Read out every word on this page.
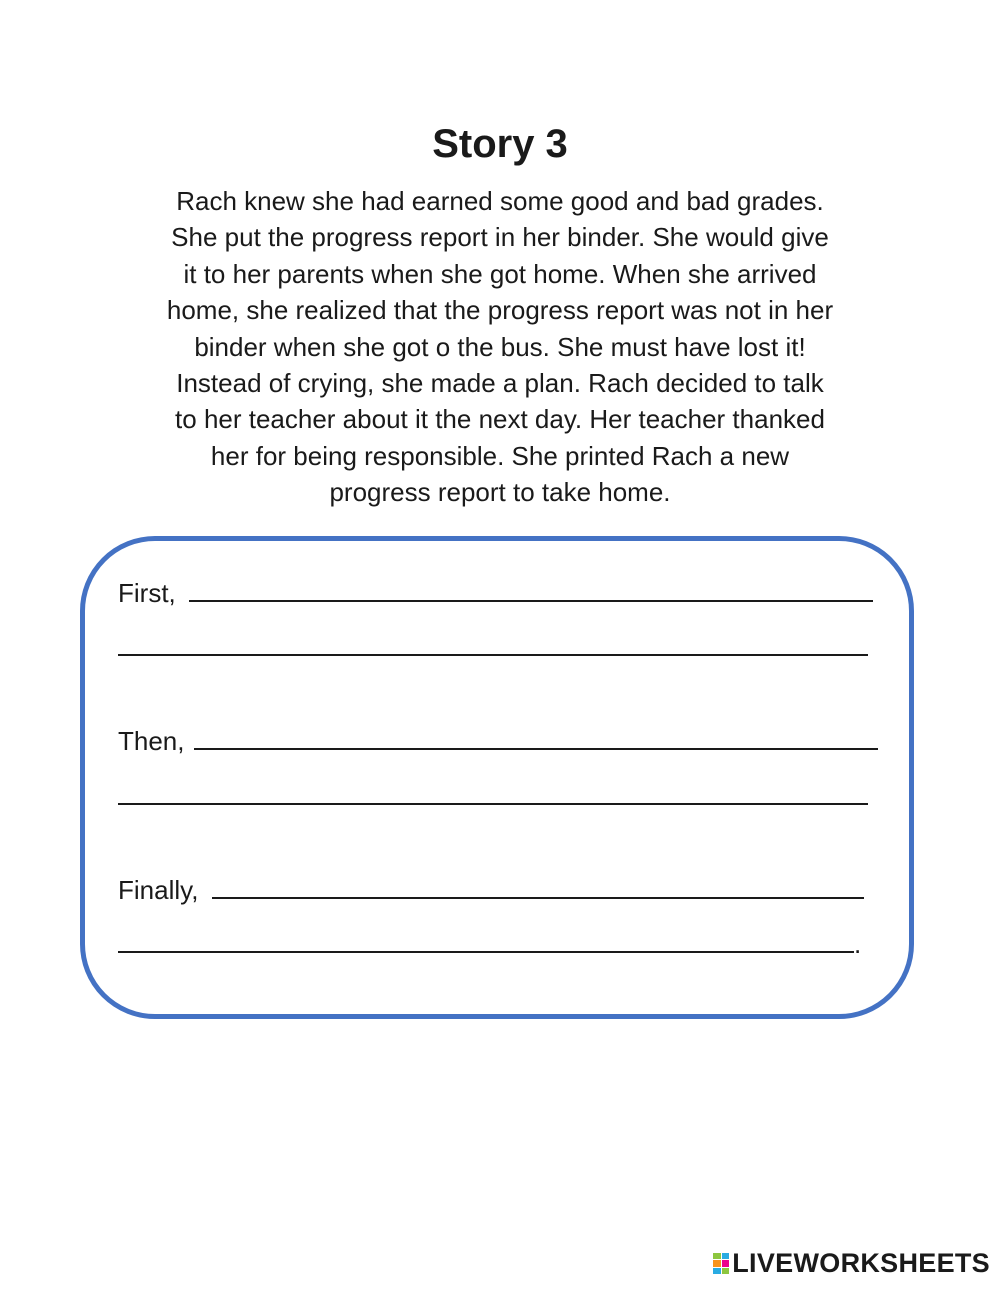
Story 3
Rach knew she had earned some good and bad grades.
She put the progress report in her binder. She would give
it to her parents when she got home. When she arrived
home, she realized that the progress report was not in her
binder when she got o the bus. She must have lost it!
Instead of crying, she made a plan. Rach decided to talk
to her teacher about it the next day. Her teacher thanked
her for being responsible. She printed Rach a new
progress report to take home.
First,
Then,
Finally,
.
LIVEWORKSHEETS
